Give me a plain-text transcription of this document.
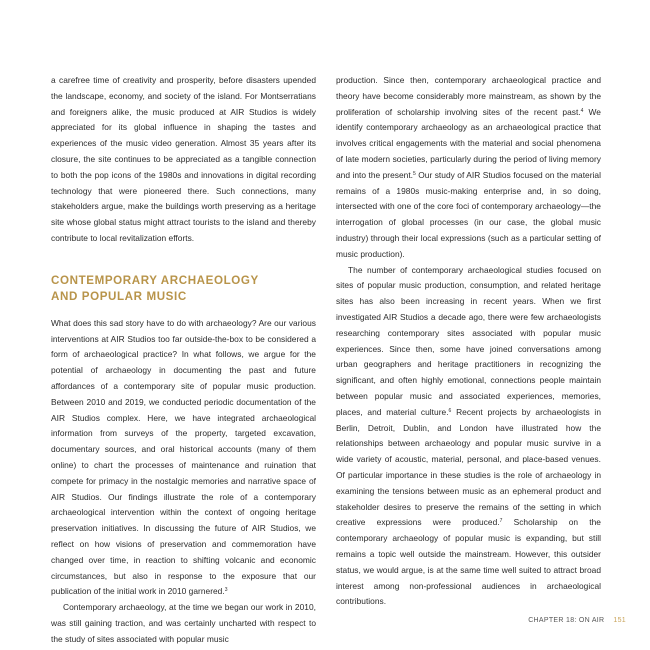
a carefree time of creativity and prosperity, before disasters upended the landscape, economy, and society of the island. For Montserratians and foreigners alike, the music produced at AIR Studios is widely appreciated for its global influence in shaping the tastes and experiences of the music video generation. Almost 35 years after its closure, the site continues to be appreciated as a tangible connection to both the pop icons of the 1980s and innovations in digital recording technology that were pioneered there. Such connections, many stakeholders argue, make the buildings worth preserving as a heritage site whose global status might attract tourists to the island and thereby contribute to local revitalization efforts.

CONTEMPORARY ARCHAEOLOGY
AND POPULAR MUSIC

What does this sad story have to do with archaeology? Are our various interventions at AIR Studios too far outside-the-box to be considered a form of archaeological practice? In what follows, we argue for the potential of archaeology in documenting the past and future affordances of a contemporary site of popular music production. Between 2010 and 2019, we conducted periodic documentation of the AIR Studios complex. Here, we have integrated archaeological information from surveys of the property, targeted excavation, documentary sources, and oral historical accounts (many of them online) to chart the processes of maintenance and ruination that compete for primacy in the nostalgic memories and narrative space of AIR Studios. Our findings illustrate the role of a contemporary archaeological intervention within the context of ongoing heritage preservation initiatives. In discussing the future of AIR Studios, we reflect on how visions of preservation and commemoration have changed over time, in reaction to shifting volcanic and economic circumstances, but also in response to the exposure that our publication of the initial work in 2010 garnered.$^3$

Contemporary archaeology, at the time we began our work in 2010, was still gaining traction, and was certainly uncharted with respect to the study of sites associated with popular music

production. Since then, contemporary archaeological practice and theory have become considerably more mainstream, as shown by the proliferation of scholarship involving sites of the recent past.$^4$ We identify contemporary archaeology as an archaeological practice that involves critical engagements with the material and social phenomena of late modern societies, particularly during the period of living memory and into the present.$^5$ Our study of AIR Studios focused on the material remains of a 1980s music-making enterprise and, in so doing, intersected with one of the core foci of contemporary archaeology—the interrogation of global processes (in our case, the global music industry) through their local expressions (such as a particular setting of music production).

The number of contemporary archaeological studies focused on sites of popular music production, consumption, and related heritage sites has also been increasing in recent years. When we first investigated AIR Studios a decade ago, there were few archaeologists researching contemporary sites associated with popular music experiences. Since then, some have joined conversations among urban geographers and heritage practitioners in recognizing the significant, and often highly emotional, connections people maintain between popular music and associated experiences, memories, places, and material culture.$^6$ Recent projects by archaeologists in Berlin, Detroit, Dublin, and London have illustrated how the relationships between archaeology and popular music survive in a wide variety of acoustic, material, personal, and place-based venues. Of particular importance in these studies is the role of archaeology in examining the tensions between music as an ephemeral product and stakeholder desires to preserve the remains of the setting in which creative expressions were produced.$^7$ Scholarship on the contemporary archaeology of popular music is expanding, but still remains a topic well outside the mainstream. However, this outsider status, we would argue, is at the same time well suited to attract broad interest among non-professional audiences in archaeological contributions.

CHAPTER 18: ON AIR 151
